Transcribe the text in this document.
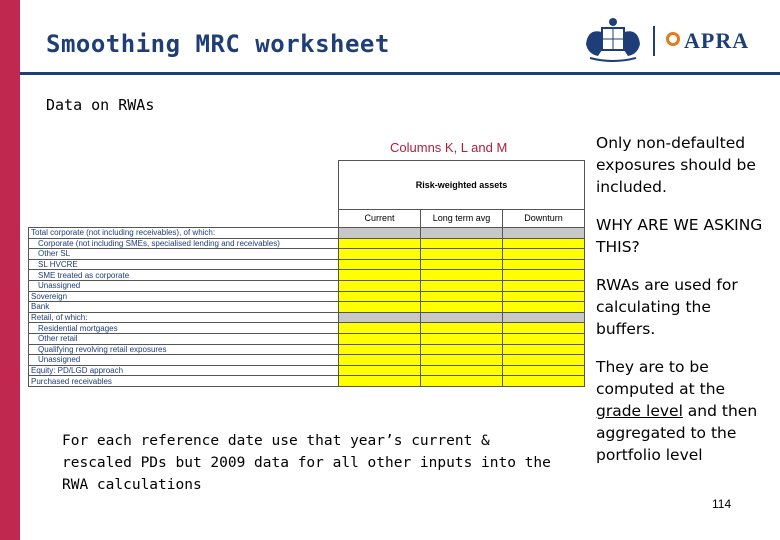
Smoothing MRC worksheet	APRA
Data on RWAs
Columns K, L and M
	Risk-weighted assets		
	Current	Long term avg	Downturn
Total corporate (not including receivables), of which:			
Corporate (not including SMEs, specialised lending and receivables)			
Other SL			
SL HVCRE			
SME treated as corporate			
Unassigned			
Sovereign			
Bank			
Retail, of which:			
Residential mortgages			
Other retail			
Qualifying revolving retail exposures			
Unassigned			
Equity: PD/LGD approach			
Purchased receivables			
For each reference date use that year’s current & rescaled PDs but 2009 data for all other inputs into the RWA calculations

Only non-defaulted exposures should be included.

WHY ARE WE ASKING THIS?

RWAs are used for calculating the buffers.

They are to be computed at the grade level and then aggregated to the portfolio level

114
